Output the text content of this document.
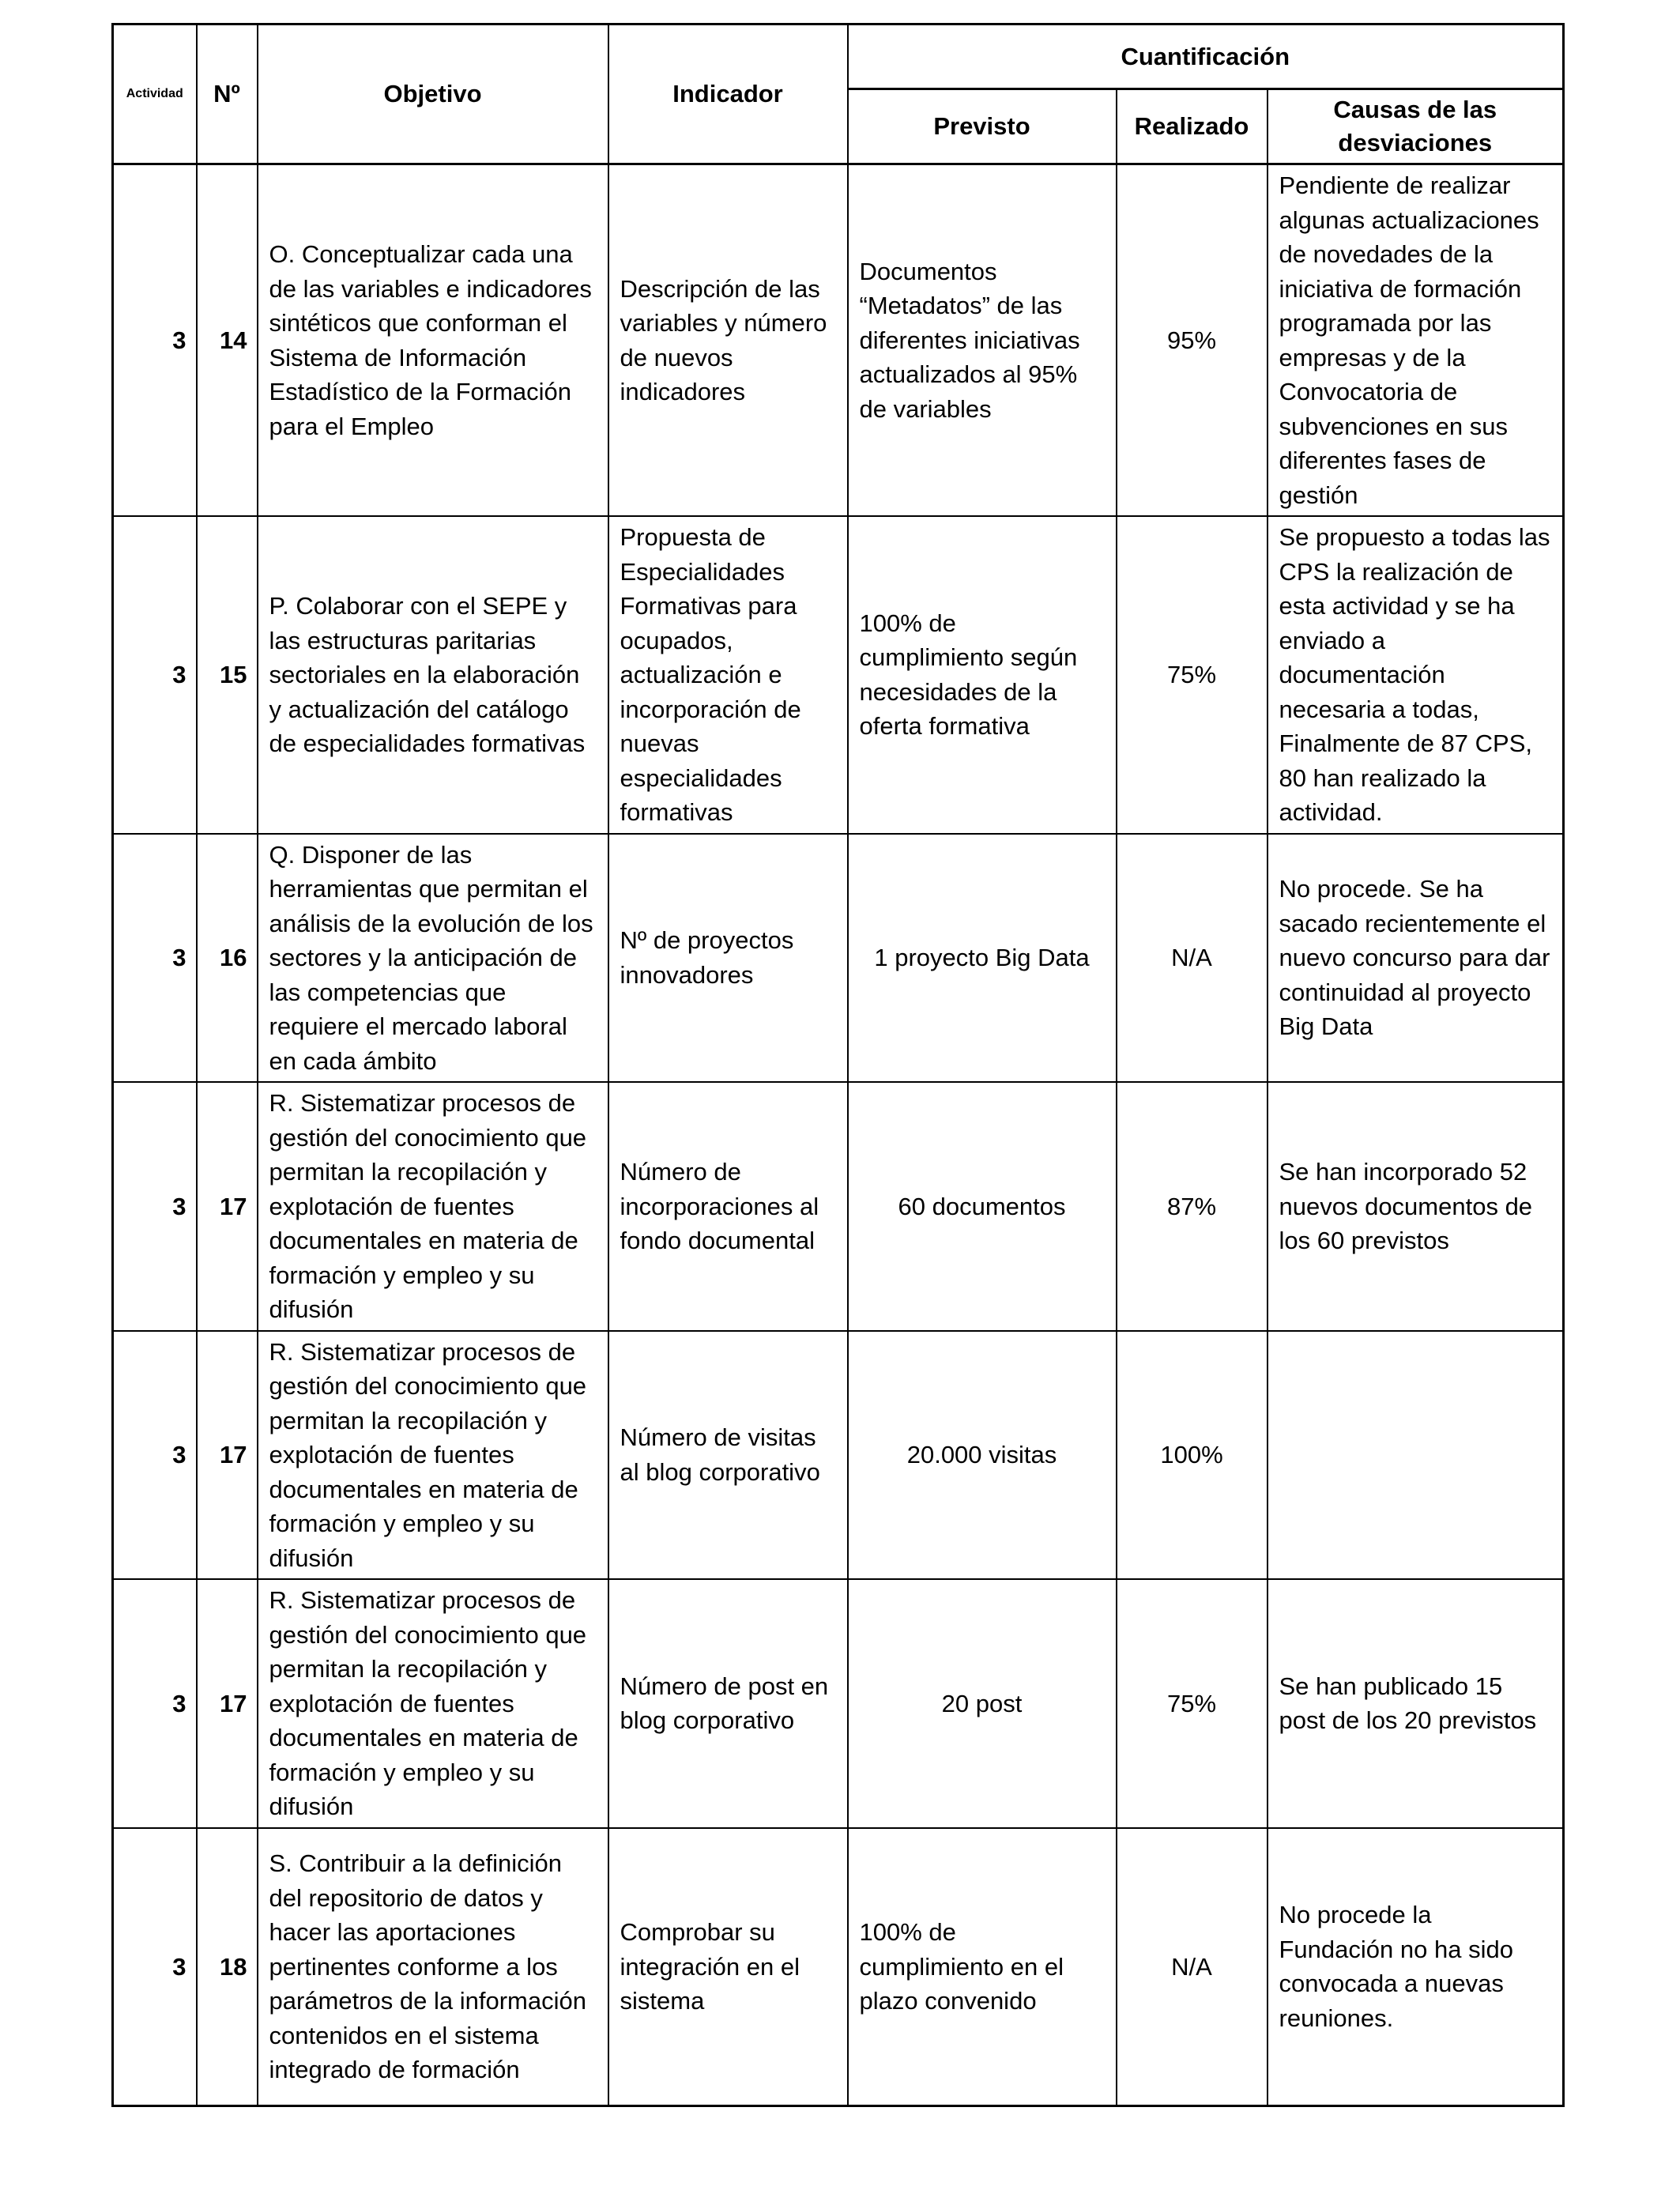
Actividad	Nº	Objetivo	Indicador	Cuantificación		
				Previsto	Realizado	Causas de las desviaciones
3	14	O. Conceptualizar cada una de las variables e indicadores sintéticos que conforman el Sistema de Información Estadístico de la Formación para el Empleo	Descripción de las variables y número de nuevos indicadores	Documentos “Metadatos” de las diferentes iniciativas actualizados al 95% de variables	95%	Pendiente de realizar algunas actualizaciones de novedades de la iniciativa de formación programada por las empresas y de la Convocatoria de subvenciones en sus diferentes fases de gestión
3	15	P. Colaborar con el SEPE y las estructuras paritarias sectoriales en la elaboración y actualización del catálogo de especialidades formativas	Propuesta de Especialidades Formativas para ocupados, actualización e incorporación de nuevas especialidades formativas	100% de cumplimiento según necesidades de la oferta formativa	75%	Se propuesto a todas las CPS la realización de esta actividad y se ha enviado a documentación necesaria a todas, Finalmente de 87 CPS, 80 han realizado la actividad.
3	16	Q. Disponer de las herramientas que permitan el análisis de la evolución de los sectores y la anticipación de las competencias que requiere el mercado laboral en cada ámbito	Nº de proyectos innovadores	1 proyecto Big Data	N/A	No procede. Se ha sacado recientemente el nuevo concurso para dar continuidad al proyecto Big Data
3	17	R. Sistematizar procesos de gestión del conocimiento que permitan la recopilación y explotación de fuentes documentales en materia de formación y empleo y su difusión	Número de incorporaciones al fondo documental	60 documentos	87%	Se han incorporado 52 nuevos documentos de los 60 previstos
3	17	R. Sistematizar procesos de gestión del conocimiento que permitan la recopilación y explotación de fuentes documentales en materia de formación y empleo y su difusión	Número de visitas al blog corporativo	20.000 visitas	100%	
3	17	R. Sistematizar procesos de gestión del conocimiento que permitan la recopilación y explotación de fuentes documentales en materia de formación y empleo y su difusión	Número de post en blog corporativo	20 post	75%	Se han publicado 15 post de los 20 previstos
3	18	S. Contribuir a la definición del repositorio de datos y hacer las aportaciones pertinentes conforme a los parámetros de la información contenidos en el sistema integrado de formación	Comprobar su integración en el sistema	100% de cumplimiento en el plazo convenido	N/A	No procede la Fundación no ha sido convocada a nuevas reuniones.
